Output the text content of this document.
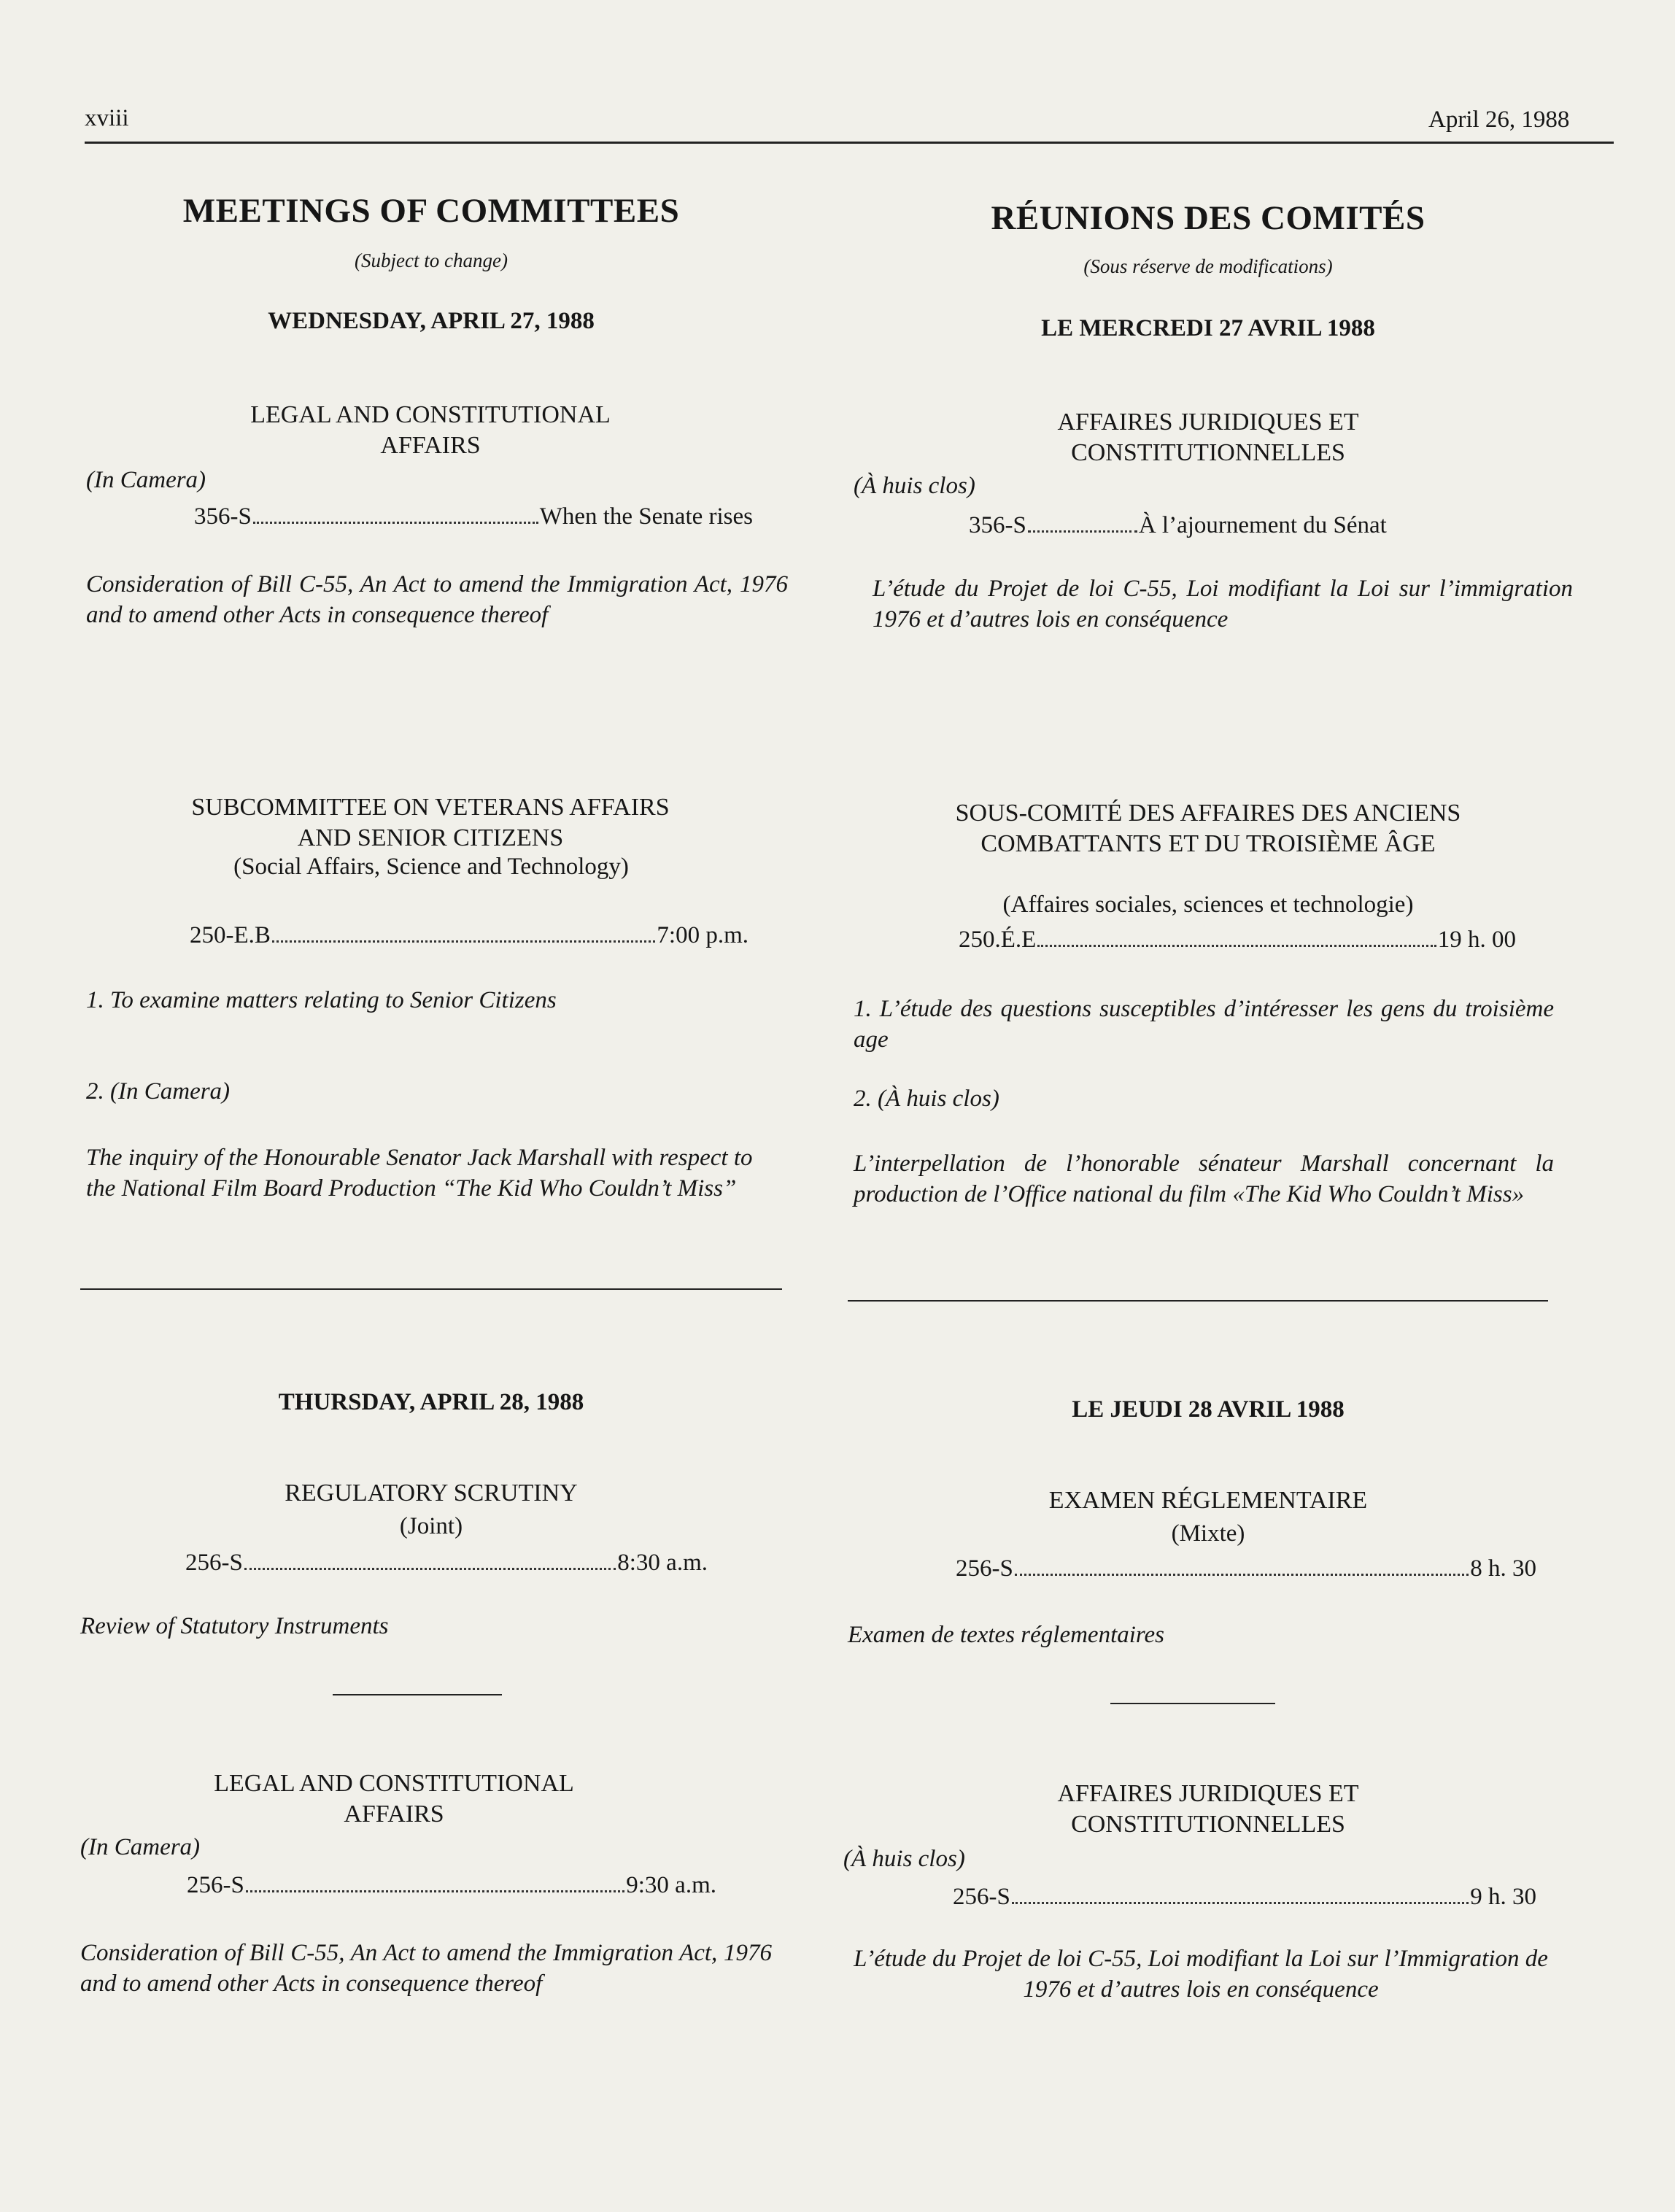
xviii	April 26, 1988
MEETINGS OF COMMITTEES
(Subject to change)
WEDNESDAY, APRIL 27, 1988
LEGAL AND CONSTITUTIONAL AFFAIRS
(In Camera)
356-S	When the Senate rises
Consideration of Bill C-55, An Act to amend the Immigration Act, 1976 and to amend other Acts in consequence thereof
SUBCOMMITTEE ON VETERANS AFFAIRS AND SENIOR CITIZENS
(Social Affairs, Science and Technology)
250-E.B	7:00 p.m.
1. To examine matters relating to Senior Citizens
2. (In Camera)
The inquiry of the Honourable Senator Jack Marshall with respect to the National Film Board Production “The Kid Who Couldn’t Miss”
THURSDAY, APRIL 28, 1988
REGULATORY SCRUTINY
(Joint)
256-S	8:30 a.m.
Review of Statutory Instruments
LEGAL AND CONSTITUTIONAL AFFAIRS
(In Camera)
256-S	9:30 a.m.
Consideration of Bill C-55, An Act to amend the Immigration Act, 1976 and to amend other Acts in consequence thereof
RÉUNIONS DES COMITÉS
(Sous réserve de modifications)
LE MERCREDI 27 AVRIL 1988
AFFAIRES JURIDIQUES ET CONSTITUTIONNELLES
(À huis clos)
356-S	À l’ajournement du Sénat
L’étude du Projet de loi C-55, Loi modifiant la Loi sur l’immigration 1976 et d’autres lois en conséquence
SOUS-COMITÉ DES AFFAIRES DES ANCIENS COMBATTANTS ET DU TROISIÈME ÂGE
(Affaires sociales, sciences et technologie)
250.É.E	19 h. 00
1. L’étude des questions susceptibles d’intéresser les gens du troisième age
2. (À huis clos)
L’interpellation de l’honorable sénateur Marshall concernant la production de l’Office national du film «The Kid Who Couldn’t Miss»
LE JEUDI 28 AVRIL 1988
EXAMEN RÉGLEMENTAIRE
(Mixte)
256-S	8 h. 30
Examen de textes réglementaires
AFFAIRES JURIDIQUES ET CONSTITUTIONNELLES
(À huis clos)
256-S	9 h. 30
L’étude du Projet de loi C-55, Loi modifiant la Loi sur l’Immigration de 1976 et d’autres lois en conséquence
